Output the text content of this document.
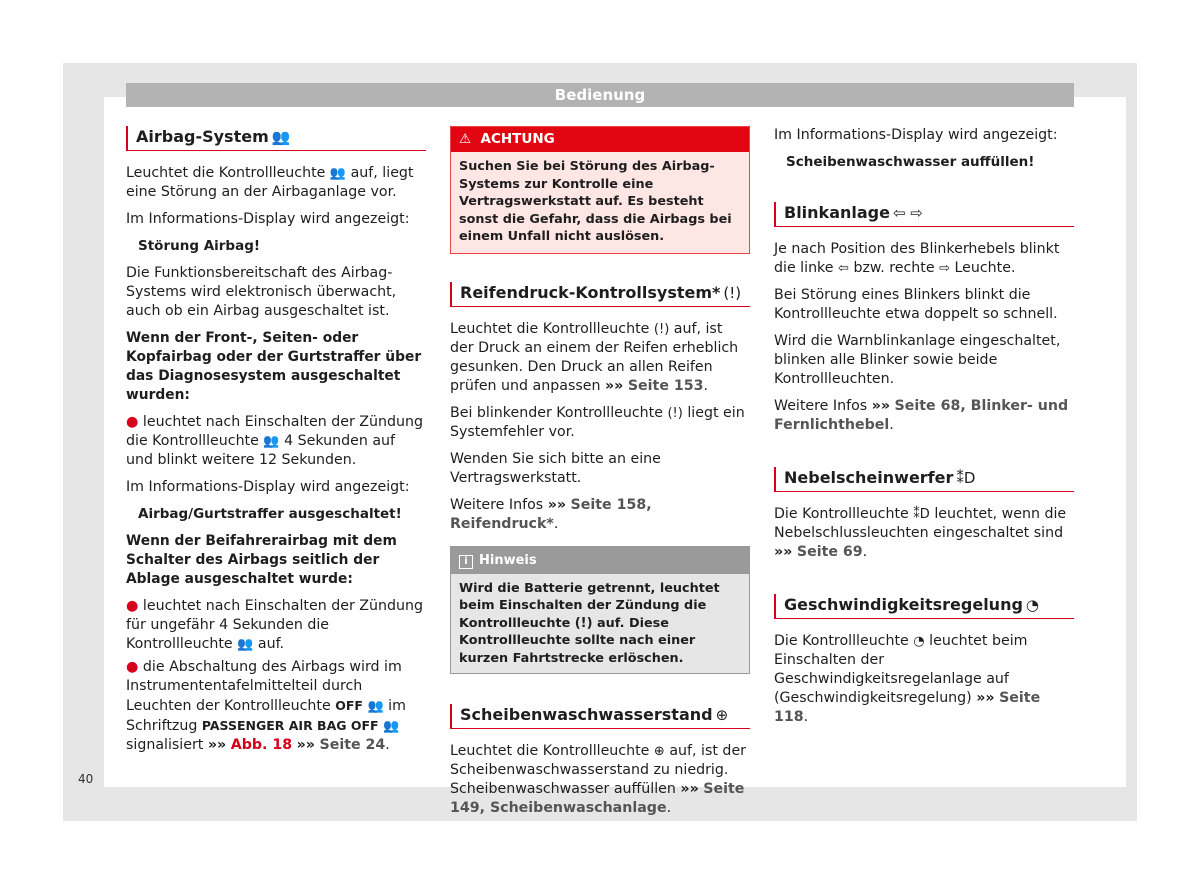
Bedienung
Airbag-System 👥

Leuchtet die Kontrollleuchte 👥 auf, liegt eine Störung an der Airbaganlage vor.

Im Informations-Display wird angezeigt:

Störung Airbag!

Die Funktionsbereitschaft des Airbag-Systems wird elektronisch überwacht, auch ob ein Airbag ausgeschaltet ist.

Wenn der Front-, Seiten- oder Kopfairbag oder der Gurtstraffer über das Diagnosesystem ausgeschaltet wurden:

● leuchtet nach Einschalten der Zündung die Kontrollleuchte 👥 4 Sekunden auf und blinkt weitere 12 Sekunden.

Im Informations-Display wird angezeigt:

Airbag/Gurtstraffer ausgeschaltet!

Wenn der Beifahrerairbag mit dem Schalter des Airbags seitlich der Ablage ausgeschaltet wurde:

● leuchtet nach Einschalten der Zündung für ungefähr 4 Sekunden die Kontrollleuchte 👥 auf.

● die Abschaltung des Airbags wird im Instrumententafelmittelteil durch Leuchten der Kontrollleuchte OFF 👥 im Schriftzug PASSENGER AIR BAG OFF 👥 signalisiert »» Abb. 18 »» Seite 24.

⚠ ACHTUNG
Suchen Sie bei Störung des Airbag-Systems zur Kontrolle eine Vertragswerkstatt auf. Es besteht sonst die Gefahr, dass die Airbags bei einem Unfall nicht auslösen.
Reifendruck-Kontrollsystem* (!)

Leuchtet die Kontrollleuchte (!) auf, ist der Druck an einem der Reifen erheblich gesunken. Den Druck an allen Reifen prüfen und anpassen »» Seite 153.

Bei blinkender Kontrollleuchte (!) liegt ein Systemfehler vor.

Wenden Sie sich bitte an eine Vertragswerkstatt.

Weitere Infos »» Seite 158, Reifendruck*.

i Hinweis
Wird die Batterie getrennt, leuchtet beim Einschalten der Zündung die Kontrollleuchte (!) auf. Diese Kontrollleuchte sollte nach einer kurzen Fahrtstrecke erlöschen.
Scheibenwaschwasserstand ⊕

Leuchtet die Kontrollleuchte ⊕ auf, ist der Scheibenwaschwasserstand zu niedrig. Scheibenwaschwasser auffüllen »» Seite 149, Scheibenwaschanlage.

Im Informations-Display wird angezeigt:

Scheibenwaschwasser auffüllen!
Blinkanlage ⇦ ⇨

Je nach Position des Blinkerhebels blinkt die linke ⇦ bzw. rechte ⇨ Leuchte.

Bei Störung eines Blinkers blinkt die Kontrollleuchte etwa doppelt so schnell.

Wird die Warnblinkanlage eingeschaltet, blinken alle Blinker sowie beide Kontrollleuchten.

Weitere Infos »» Seite 68, Blinker- und Fernlichthebel.

Nebelscheinwerfer ⁑D

Die Kontrollleuchte ⁑D leuchtet, wenn die Nebelschlussleuchten eingeschaltet sind »» Seite 69.

Geschwindigkeitsregelung ◔

Die Kontrollleuchte ◔ leuchtet beim Einschalten der Geschwindigkeitsregelanlage auf (Geschwindigkeitsregelung) »» Seite 118.

40
